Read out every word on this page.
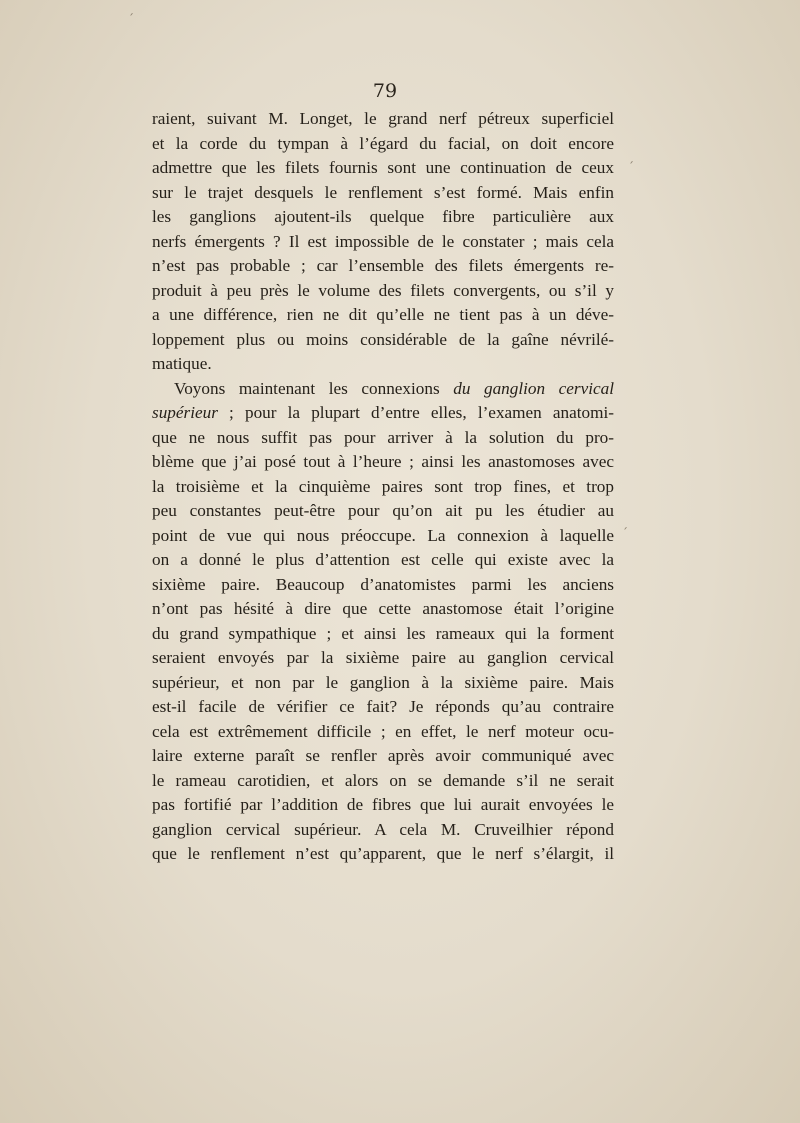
ˊ
ˊ
ˊ
79
raient, suivant M. Longet, le grand nerf pétreux superficiel
et la corde du tympan à l’égard du facial, on doit encore
admettre que les filets fournis sont une continuation de ceux
sur le trajet desquels le renflement s’est formé. Mais enfin
les ganglions ajoutent-ils quelque fibre particulière aux
nerfs émergents ? Il est impossible de le constater ; mais cela
n’est pas probable ; car l’ensemble des filets émergents re-
produit à peu près le volume des filets convergents, ou s’il y
a une différence, rien ne dit qu’elle ne tient pas à un déve-
loppement plus ou moins considérable de la gaîne névrilé-
matique.
Voyons maintenant les connexions du ganglion cervical
supérieur ; pour la plupart d’entre elles, l’examen anatomi-
que ne nous suffit pas pour arriver à la solution du pro-
blème que j’ai posé tout à l’heure ; ainsi les anastomoses avec
la troisième et la cinquième paires sont trop fines, et trop
peu constantes peut-être pour qu’on ait pu les étudier au
point de vue qui nous préoccupe. La connexion à laquelle
on a donné le plus d’attention est celle qui existe avec la
sixième paire. Beaucoup d’anatomistes parmi les anciens
n’ont pas hésité à dire que cette anastomose était l’origine
du grand sympathique ; et ainsi les rameaux qui la forment
seraient envoyés par la sixième paire au ganglion cervical
supérieur, et non par le ganglion à la sixième paire. Mais
est-il facile de vérifier ce fait? Je réponds qu’au contraire
cela est extrêmement difficile ; en effet, le nerf moteur ocu-
laire externe paraît se renfler après avoir communiqué avec
le rameau carotidien, et alors on se demande s’il ne serait
pas fortifié par l’addition de fibres que lui aurait envoyées le
ganglion cervical supérieur. A cela M. Cruveilhier répond
que le renflement n’est qu’apparent, que le nerf s’élargit, il
